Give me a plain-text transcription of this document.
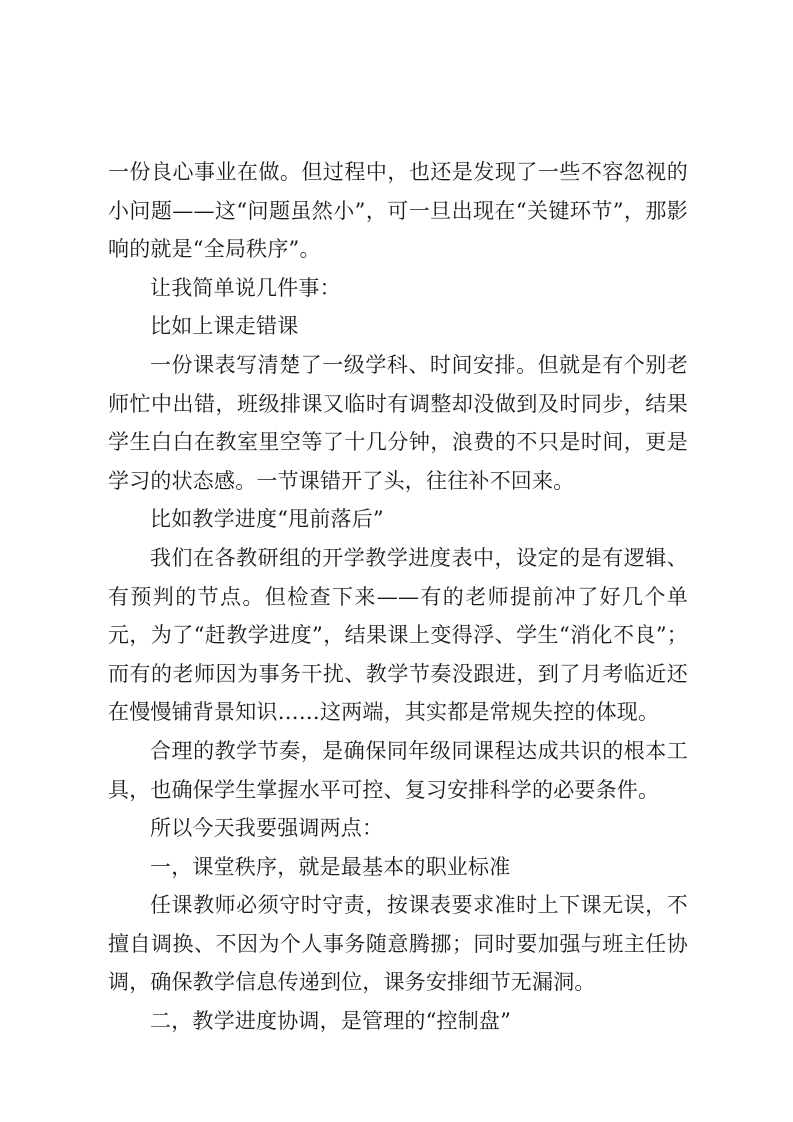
一份良心事业在做。但过程中，也还是发现了一些不容忽视的小问题——这“问题虽然小”，可一旦出现在“关键环节”，那影响的就是“全局秩序”。

让我简单说几件事：

比如上课走错课

一份课表写清楚了一级学科、时间安排。但就是有个别老师忙中出错，班级排课又临时有调整却没做到及时同步，结果学生白白在教室里空等了十几分钟，浪费的不只是时间，更是学习的状态感。一节课错开了头，往往补不回来。

比如教学进度“甩前落后”

我们在各教研组的开学教学进度表中，设定的是有逻辑、有预判的节点。但检查下来——有的老师提前冲了好几个单元，为了“赶教学进度”，结果课上变得浮、学生“消化不良”；而有的老师因为事务干扰、教学节奏没跟进，到了月考临近还在慢慢铺背景知识……这两端，其实都是常规失控的体现。

合理的教学节奏，是确保同年级同课程达成共识的根本工具，也确保学生掌握水平可控、复习安排科学的必要条件。

所以今天我要强调两点：

一，课堂秩序，就是最基本的职业标准

任课教师必须守时守责，按课表要求准时上下课无误，不擅自调换、不因为个人事务随意腾挪；同时要加强与班主任协调，确保教学信息传递到位，课务安排细节无漏洞。

二，教学进度协调，是管理的“控制盘”
